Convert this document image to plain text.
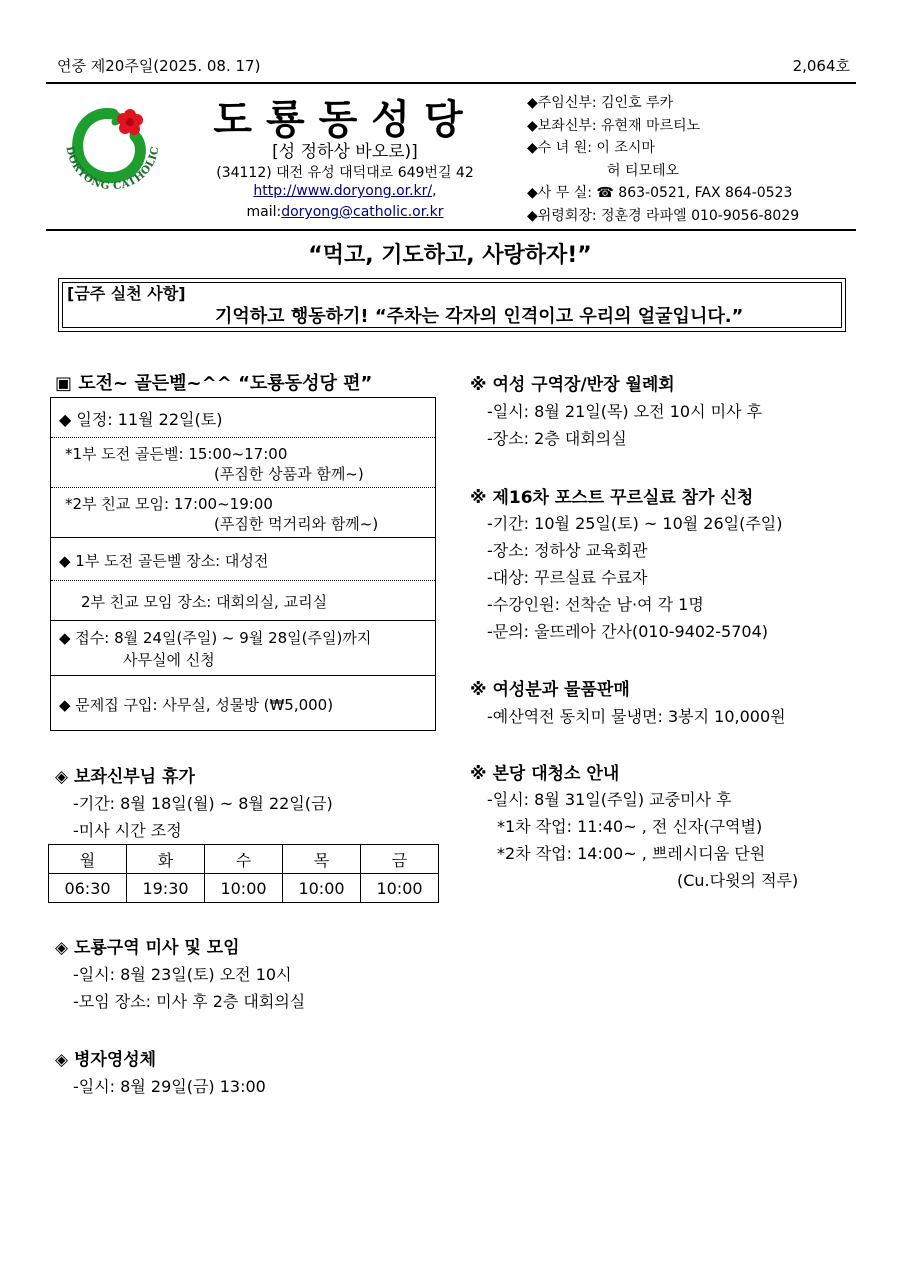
연중 제20주일(2025. 08. 17)	2,064호
DORYONG CATHOLIC
도룡동성당
[성 정하상 바오로)]
(34112) 대전 유성 대덕대로 649번길 42
http://www.doryong.or.kr/,
mail:doryong@catholic.or.kr
◆주임신부: 김인호 루카
◆보좌신부: 유현재 마르티노
◆수 녀 원: 이 조시마
허 티모테오
◆사 무 실: ☎ 863-0521, FAX 864-0523
◆위령회장: 정훈경 라파엘 010-9056-8029
“먹고, 기도하고, 사랑하자!”
[금주 실천 사항]
기억하고 행동하기! “주차는 각자의 인격이고 우리의 얼굴입니다.”
▣ 도전~ 골든벨~^^ “도룡동성당 편”
◆ 일정: 11월 22일(토)
*1부 도전 골든벨: 15:00~17:00
(푸짐한 상품과 함께~)
*2부 친교 모임: 17:00~19:00
(푸짐한 먹거리와 함께~)
◆ 1부 도전 골든벨 장소: 대성전
2부 친교 모임 장소: 대회의실, 교리실
◆ 접수: 8월 24일(주일) ~ 9월 28일(주일)까지
사무실에 신청
◆ 문제집 구입: 사무실, 성물방 (₩5,000)
◈ 보좌신부님 휴가
-기간: 8월 18일(월) ~ 8월 22일(금)
-미사 시간 조정
월	화	수	목	금
06:30	19:30	10:00	10:00	10:00
◈ 도룡구역 미사 및 모임
-일시: 8월 23일(토) 오전 10시
-모임 장소: 미사 후 2층 대회의실
◈ 병자영성체
-일시: 8월 29일(금) 13:00
※ 여성 구역장/반장 월례회
-일시: 8월 21일(목) 오전 10시 미사 후
-장소: 2층 대회의실
※ 제16차 포스트 꾸르실료 참가 신청
-기간: 10월 25일(토) ~ 10월 26일(주일)
-장소: 정하상 교육회관
-대상: 꾸르실료 수료자
-수강인원: 선착순 남·여 각 1명
-문의: 울뜨레아 간사(010-9402-5704)
※ 여성분과 물품판매
-예산역전 동치미 물냉면: 3봉지 10,000원
※ 본당 대청소 안내
-일시: 8월 31일(주일) 교중미사 후
*1차 작업: 11:40~ , 전 신자(구역별)
*2차 작업: 14:00~ , 쁘레시디움 단원
(Cu.다윗의 적루)
